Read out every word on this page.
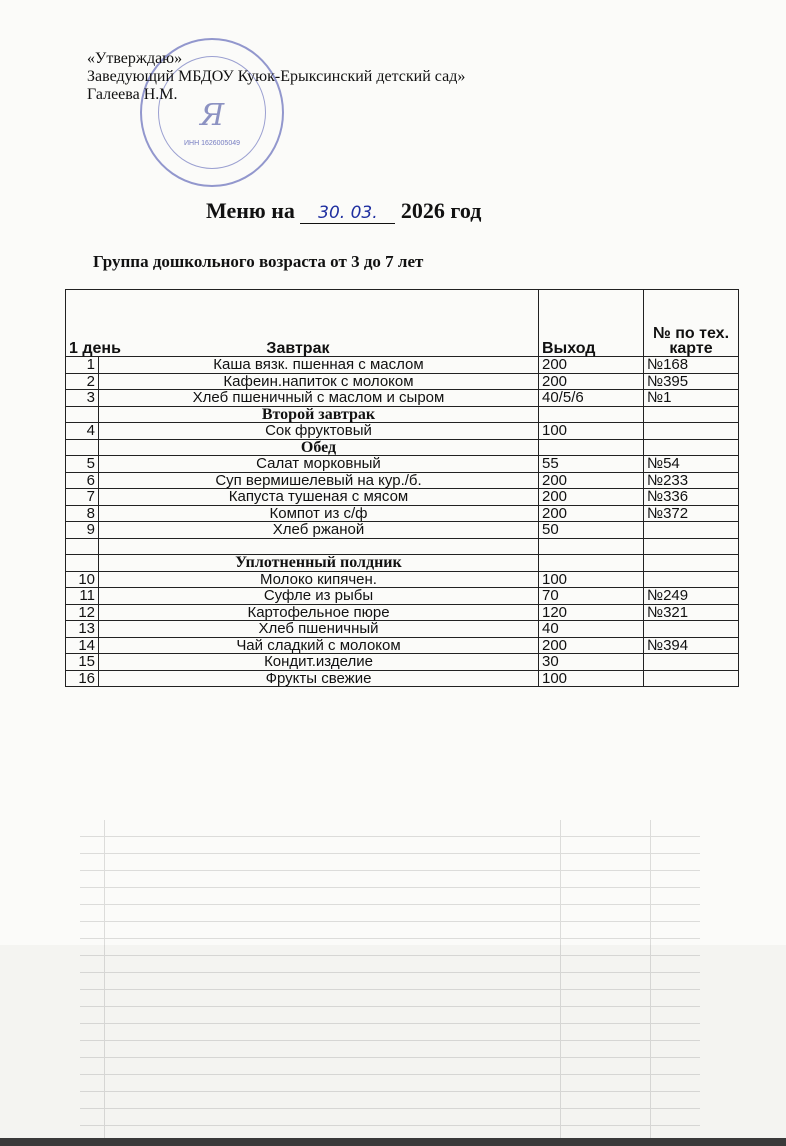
ИНН 1626005049
Я
«Утверждаю»
Заведующий МБДОУ Куюк-Ерыксинский детский сад»
Галеева Н.М.
Меню на 30. 03. 2026 год
Группа дошкольного возраста от 3 до 7 лет
1 день Завтрак		Выход	№ по тех. карте
1	Каша вязк. пшенная с маслом	200	№168
2	Кафеин.напиток с молоком	200	№395
3	Хлеб пшеничный с маслом и сыром	40/5/6	№1
	Второй завтрак		
4	Сок фруктовый	100	
	Обед		
5	Салат морковный	55	№54
6	Суп вермишелевый на кур./б.	200	№233
7	Капуста тушеная с мясом	200	№336
8	Компот из с/ф	200	№372
9	Хлеб ржаной	50	

	Уплотненный полдник		
10	Молоко кипячен.	100	
11	Суфле из рыбы	70	№249
12	Картофельное пюре	120	№321
13	Хлеб пшеничный	40	
14	Чай сладкий с молоком	200	№394
15	Кондит.изделие	30	
16	Фрукты свежие	100	
